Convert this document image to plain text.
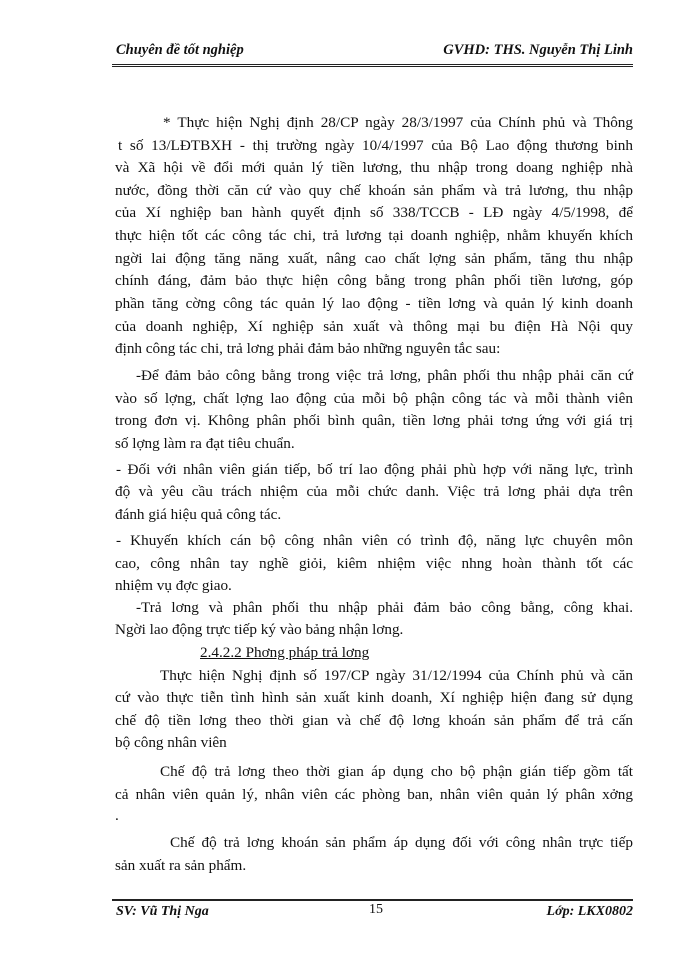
Chuyên đề tốt nghiệp	GVHD: THS. Nguyễn Thị Linh
* Thực hiện Nghị định 28/CP ngày 28/3/1997 của Chính phủ và Thông
t số 13/LĐTBXH - thị trường ngày 10/4/1997 của Bộ Lao động thương binh
và Xã hội về đổi mới quản lý tiền lương, thu nhập trong doang nghiệp nhà
nước, đồng thời căn cứ vào quy chế khoán sản phẩm và trả lương, thu nhập
của Xí nghiệp ban hành quyết định số 338/TCCB - LĐ ngày 4/5/1998, để
thực hiện tốt các công tác chi, trả lương tại doanh nghiệp, nhằm khuyến khích
ngời lai động tăng năng xuất, nâng cao chất lợng sản phẩm, tăng thu nhập
chính đáng, đảm bảo thực hiện công bằng trong phân phối tiền lương, góp
phần tăng cờng công tác quản lý lao động - tiền lơng và quản lý kinh doanh
của doanh nghiệp, Xí nghiệp sản xuất và thông mại bu điện Hà Nội quy
định công tác chi, trả lơng phải đảm bảo những nguyên tắc sau:
-Để đảm bảo công bằng trong việc trả lơng, phân phối thu nhập phải căn cứ
vào số lợng, chất lợng lao động của mỗi bộ phận công tác và mỗi thành viên
trong đơn vị. Không phân phối bình quân, tiền lơng phải tơng ứng với giá trị
số lợng làm ra đạt tiêu chuẩn.
- Đối với nhân viên gián tiếp, bố trí lao động phải phù hợp với năng lực, trình
độ và yêu cầu trách nhiệm của mỗi chức danh. Việc trả lơng phải dựa trên
đánh giá hiệu quả công tác.
- Khuyến khích cán bộ công nhân viên có trình độ, năng lực chuyên môn
cao, công nhân tay nghề giỏi, kiêm nhiệm việc nhng hoàn thành tốt các
nhiệm vụ đợc giao.
-Trả lơng và phân phối thu nhập phải đảm bảo công bằng, công khai.
Ngời lao động trực tiếp ký vào bảng nhận lơng.
2.4.2.2 Phơng pháp trả lơng
Thực hiện Nghị định số 197/CP ngày 31/12/1994 của Chính phủ và căn
cứ vào thực tiễn tình hình sản xuất kinh doanh, Xí nghiệp hiện đang sử dụng
chế độ tiền lơng theo thời gian và chế độ lơng khoán sản phẩm để trả cấn
bộ công nhân viên
Chế độ trả lơng theo thời gian áp dụng cho bộ phận gián tiếp gồm tất
cả nhân viên quản lý, nhân viên các phòng ban, nhân viên quản lý phân xởng
.
Chế độ trả lơng khoán sản phẩm áp dụng đối với công nhân trực tiếp
sản xuất ra sản phẩm.
SV: Vũ Thị Nga	15	Lớp: LKX0802
